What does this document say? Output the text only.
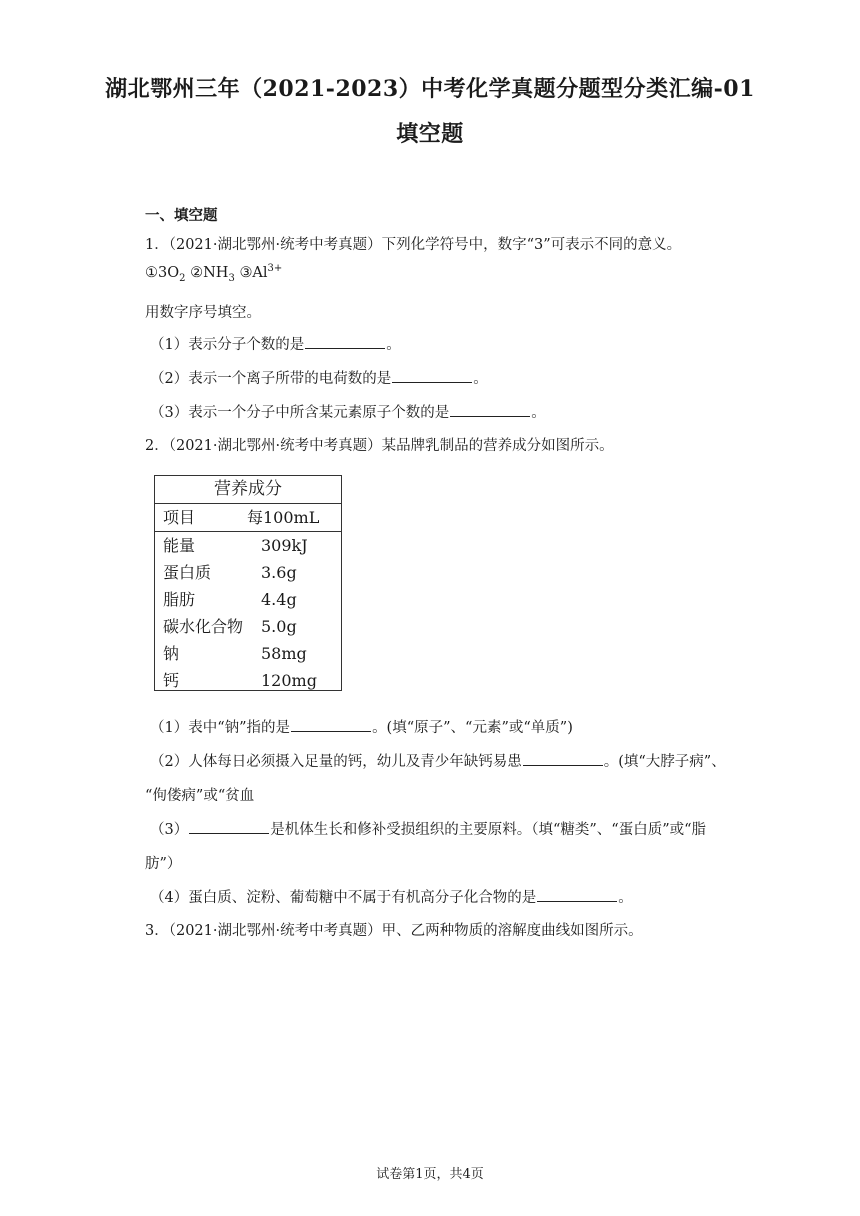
湖北鄂州三年（2021-2023）中考化学真题分题型分类汇编-01
填空题
一、填空题
1．（2021·湖北鄂州·统考中考真题）下列化学符号中，数字“3”可表示不同的意义。
$①3O_2$ $②NH_3$ $③Al^{3+}$
用数字序号填空。
（1）表示分子个数的是	。
（2）表示一个离子所带的电荷数的是	。
（3）表示一个分子中所含某元素原子个数的是	。
2．（2021·湖北鄂州·统考中考真题）某品牌乳制品的营养成分如图所示。
营养成分
项目	每100mL
能量	309kJ
蛋白质	3.6g
脂肪	4.4g
碳水化合物 5.0g
钠	58mg
钙	120mg
（1）表中“钠”指的是	。(填“原子”、“元素”或“单质”)
（2）人体每日必须摄入足量的钙，幼儿及青少年缺钙易患	。(填“大脖子病”、
“佝偻病”或“贫血
（3）	是机体生长和修补受损组织的主要原料。（填“糖类”、“蛋白质”或“脂
肪”）
（4）蛋白质、淀粉、葡萄糖中不属于有机高分子化合物的是	。
3．（2021·湖北鄂州·统考中考真题）甲、乙两种物质的溶解度曲线如图所示。
试卷第1页，共4页
